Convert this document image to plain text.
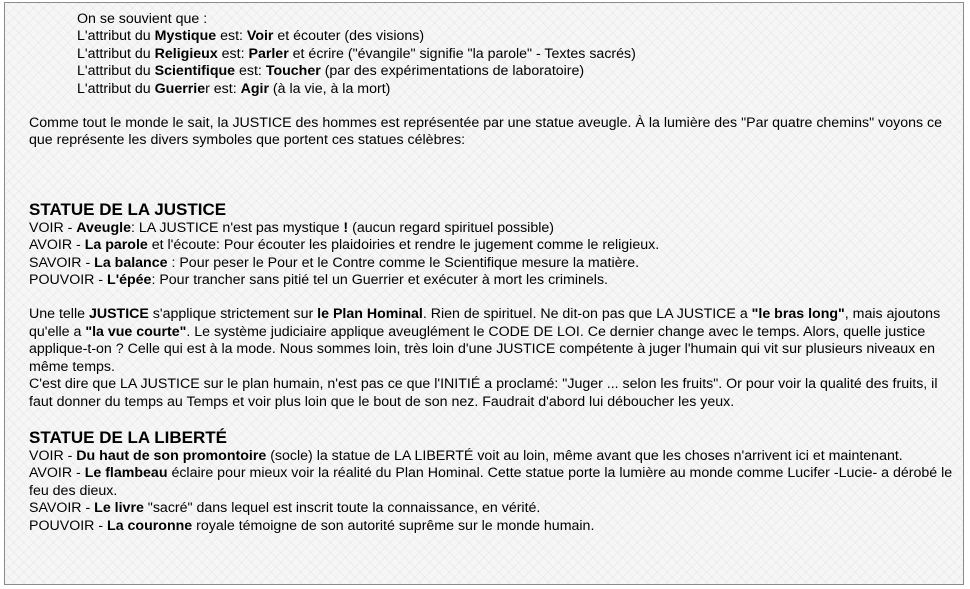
On se souvient que :
L'attribut du Mystique est: Voir et écouter (des visions)
L'attribut du Religieux est: Parler et écrire ("évangile" signifie "la parole" - Textes sacrés)
L'attribut du Scientifique est: Toucher (par des expérimentations de laboratoire)
L'attribut du Guerrier est: Agir (à la vie, à la mort)
Comme tout le monde le sait, la JUSTICE des hommes est représentée par une statue aveugle. À la lumière des "Par quatre chemins" voyons ce que représente les divers symboles que portent ces statues célèbres:
STATUE DE LA JUSTICE
VOIR - Aveugle: LA JUSTICE n'est pas mystique ! (aucun regard spirituel possible)
AVOIR - La parole et l'écoute: Pour écouter les plaidoiries et rendre le jugement comme le religieux.
SAVOIR - La balance : Pour peser le Pour et le Contre comme le Scientifique mesure la matière.
POUVOIR - L'épée: Pour trancher sans pitié tel un Guerrier et exécuter à mort les criminels.
Une telle JUSTICE s'applique strictement sur le Plan Hominal. Rien de spirituel. Ne dit-on pas que LA JUSTICE a "le bras long", mais ajoutons qu'elle a "la vue courte". Le système judiciaire applique aveuglément le CODE DE LOI. Ce dernier change avec le temps. Alors, quelle justice applique-t-on ? Celle qui est à la mode. Nous sommes loin, très loin d'une JUSTICE compétente à juger l'humain qui vit sur plusieurs niveaux en même temps.
C'est dire que LA JUSTICE sur le plan humain, n'est pas ce que l'INITIÉ a proclamé: "Juger ... selon les fruits". Or pour voir la qualité des fruits, il faut donner du temps au Temps et voir plus loin que le bout de son nez. Faudrait d'abord lui déboucher les yeux.
STATUE DE LA LIBERTÉ
VOIR - Du haut de son promontoire (socle) la statue de LA LIBERTÉ voit au loin, même avant que les choses n'arrivent ici et maintenant.
AVOIR - Le flambeau éclaire pour mieux voir la réalité du Plan Hominal. Cette statue porte la lumière au monde comme Lucifer -Lucie- a dérobé le feu des dieux.
SAVOIR - Le livre "sacré" dans lequel est inscrit toute la connaissance, en vérité.
POUVOIR - La couronne royale témoigne de son autorité suprême sur le monde humain.
